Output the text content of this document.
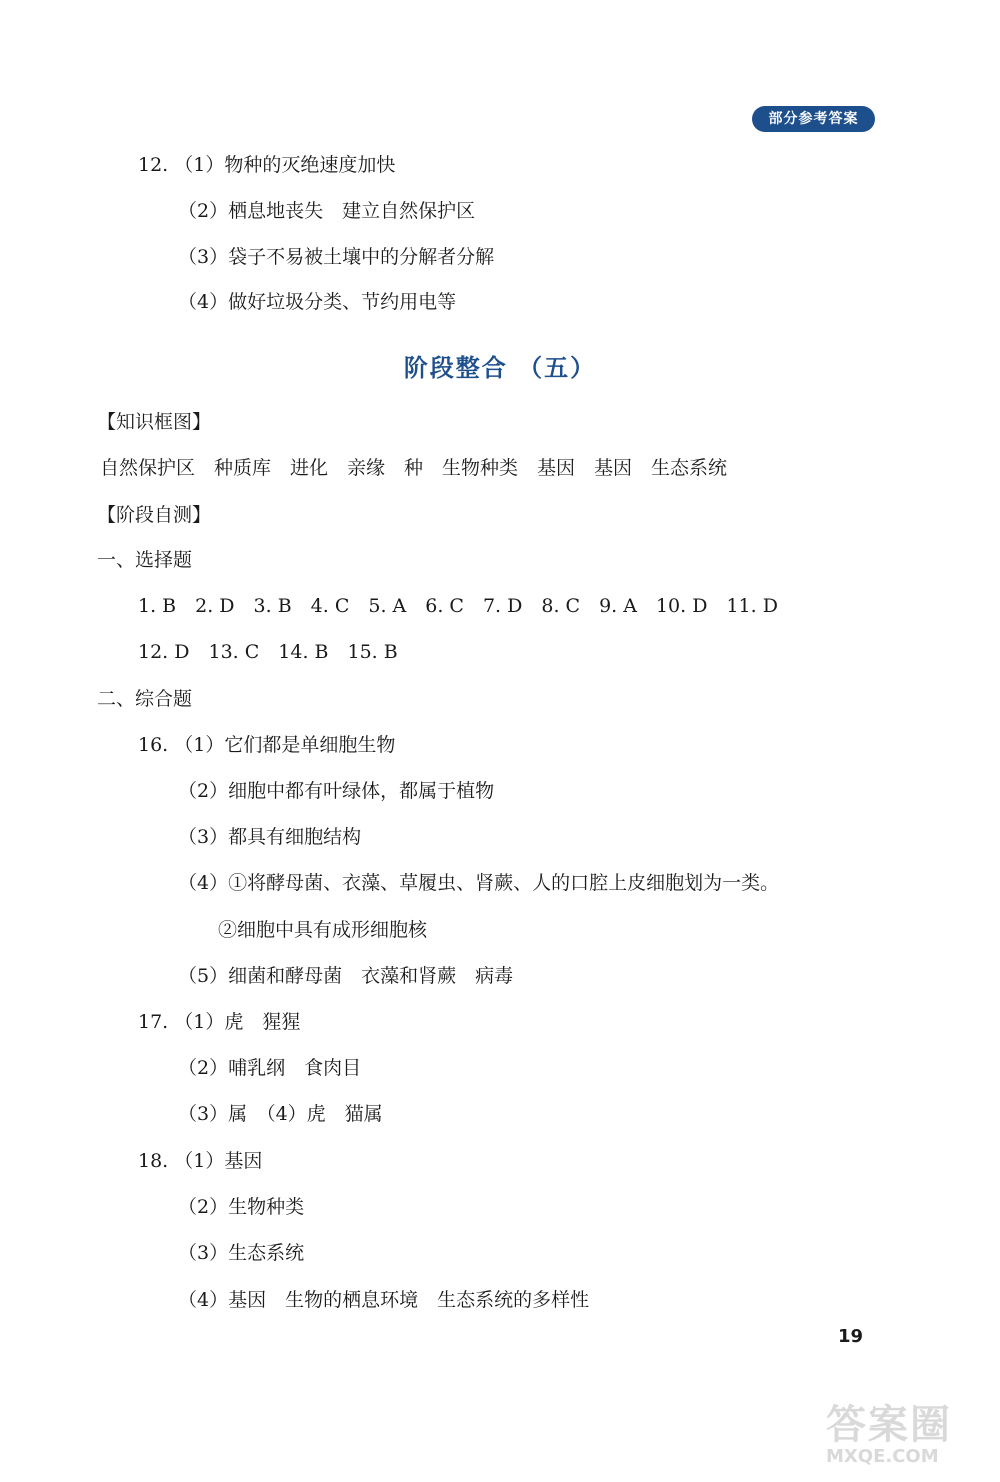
部分参考答案
12. （1）物种的灭绝速度加快
（2）栖息地丧失　建立自然保护区
（3）袋子不易被土壤中的分解者分解
（4）做好垃圾分类、节约用电等
阶段整合 （五）
【知识框图】
自然保护区　种质库　进化　亲缘　种　生物种类　基因　基因　生态系统
【阶段自测】
一、选择题
1. B　2. D　3. B　4. C　5. A　6. C　7. D　8. C　9. A　10. D　11. D
12. D　13. C　14. B　15. B
二、综合题
16. （1）它们都是单细胞生物
（2）细胞中都有叶绿体，都属于植物
（3）都具有细胞结构
（4）①将酵母菌、衣藻、草履虫、肾蕨、人的口腔上皮细胞划为一类。
②细胞中具有成形细胞核
（5）细菌和酵母菌　衣藻和肾蕨　病毒
17. （1）虎　猩猩
（2）哺乳纲　食肉目
（3）属　（4）虎　猫属
18. （1）基因
（2）生物种类
（3）生态系统
（4）基因　生物的栖息环境　生态系统的多样性
19
答案圈
MXQE.COM
